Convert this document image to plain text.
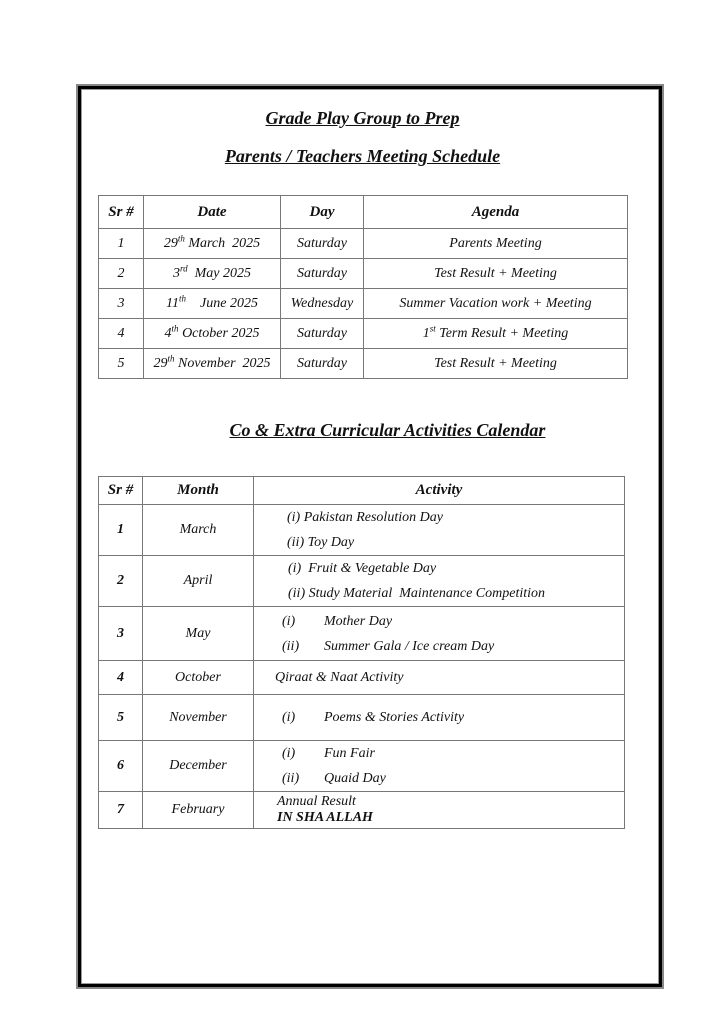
Grade Play Group to Prep
Parents / Teachers Meeting Schedule
Sr #	Date	Day	Agenda
1	29th March  2025	Saturday	Parents Meeting
2	3rd  May 2025	Saturday	Test Result + Meeting
3	11th    June 2025	Wednesday	Summer Vacation work + Meeting
4	4th October 2025	Saturday	1st Term Result + Meeting
5	29th November  2025	Saturday	Test Result + Meeting
Co & Extra Curricular Activities Calendar
Sr #	Month	Activity
1	March	(i) Pakistan Resolution Day
(ii) Toy Day

2	April	(i)  Fruit & Vegetable Day
(ii) Study Material  Maintenance Competition

3	May	(i) Mother Day
(ii) Summer Gala / Ice cream Day

4	October	Qiraat & Naat Activity

5	November	(i) Poems & Stories Activity

6	December	(i) Fun Fair
(ii) Quaid Day

7	February	Annual Result
IN SHA ALLAH
